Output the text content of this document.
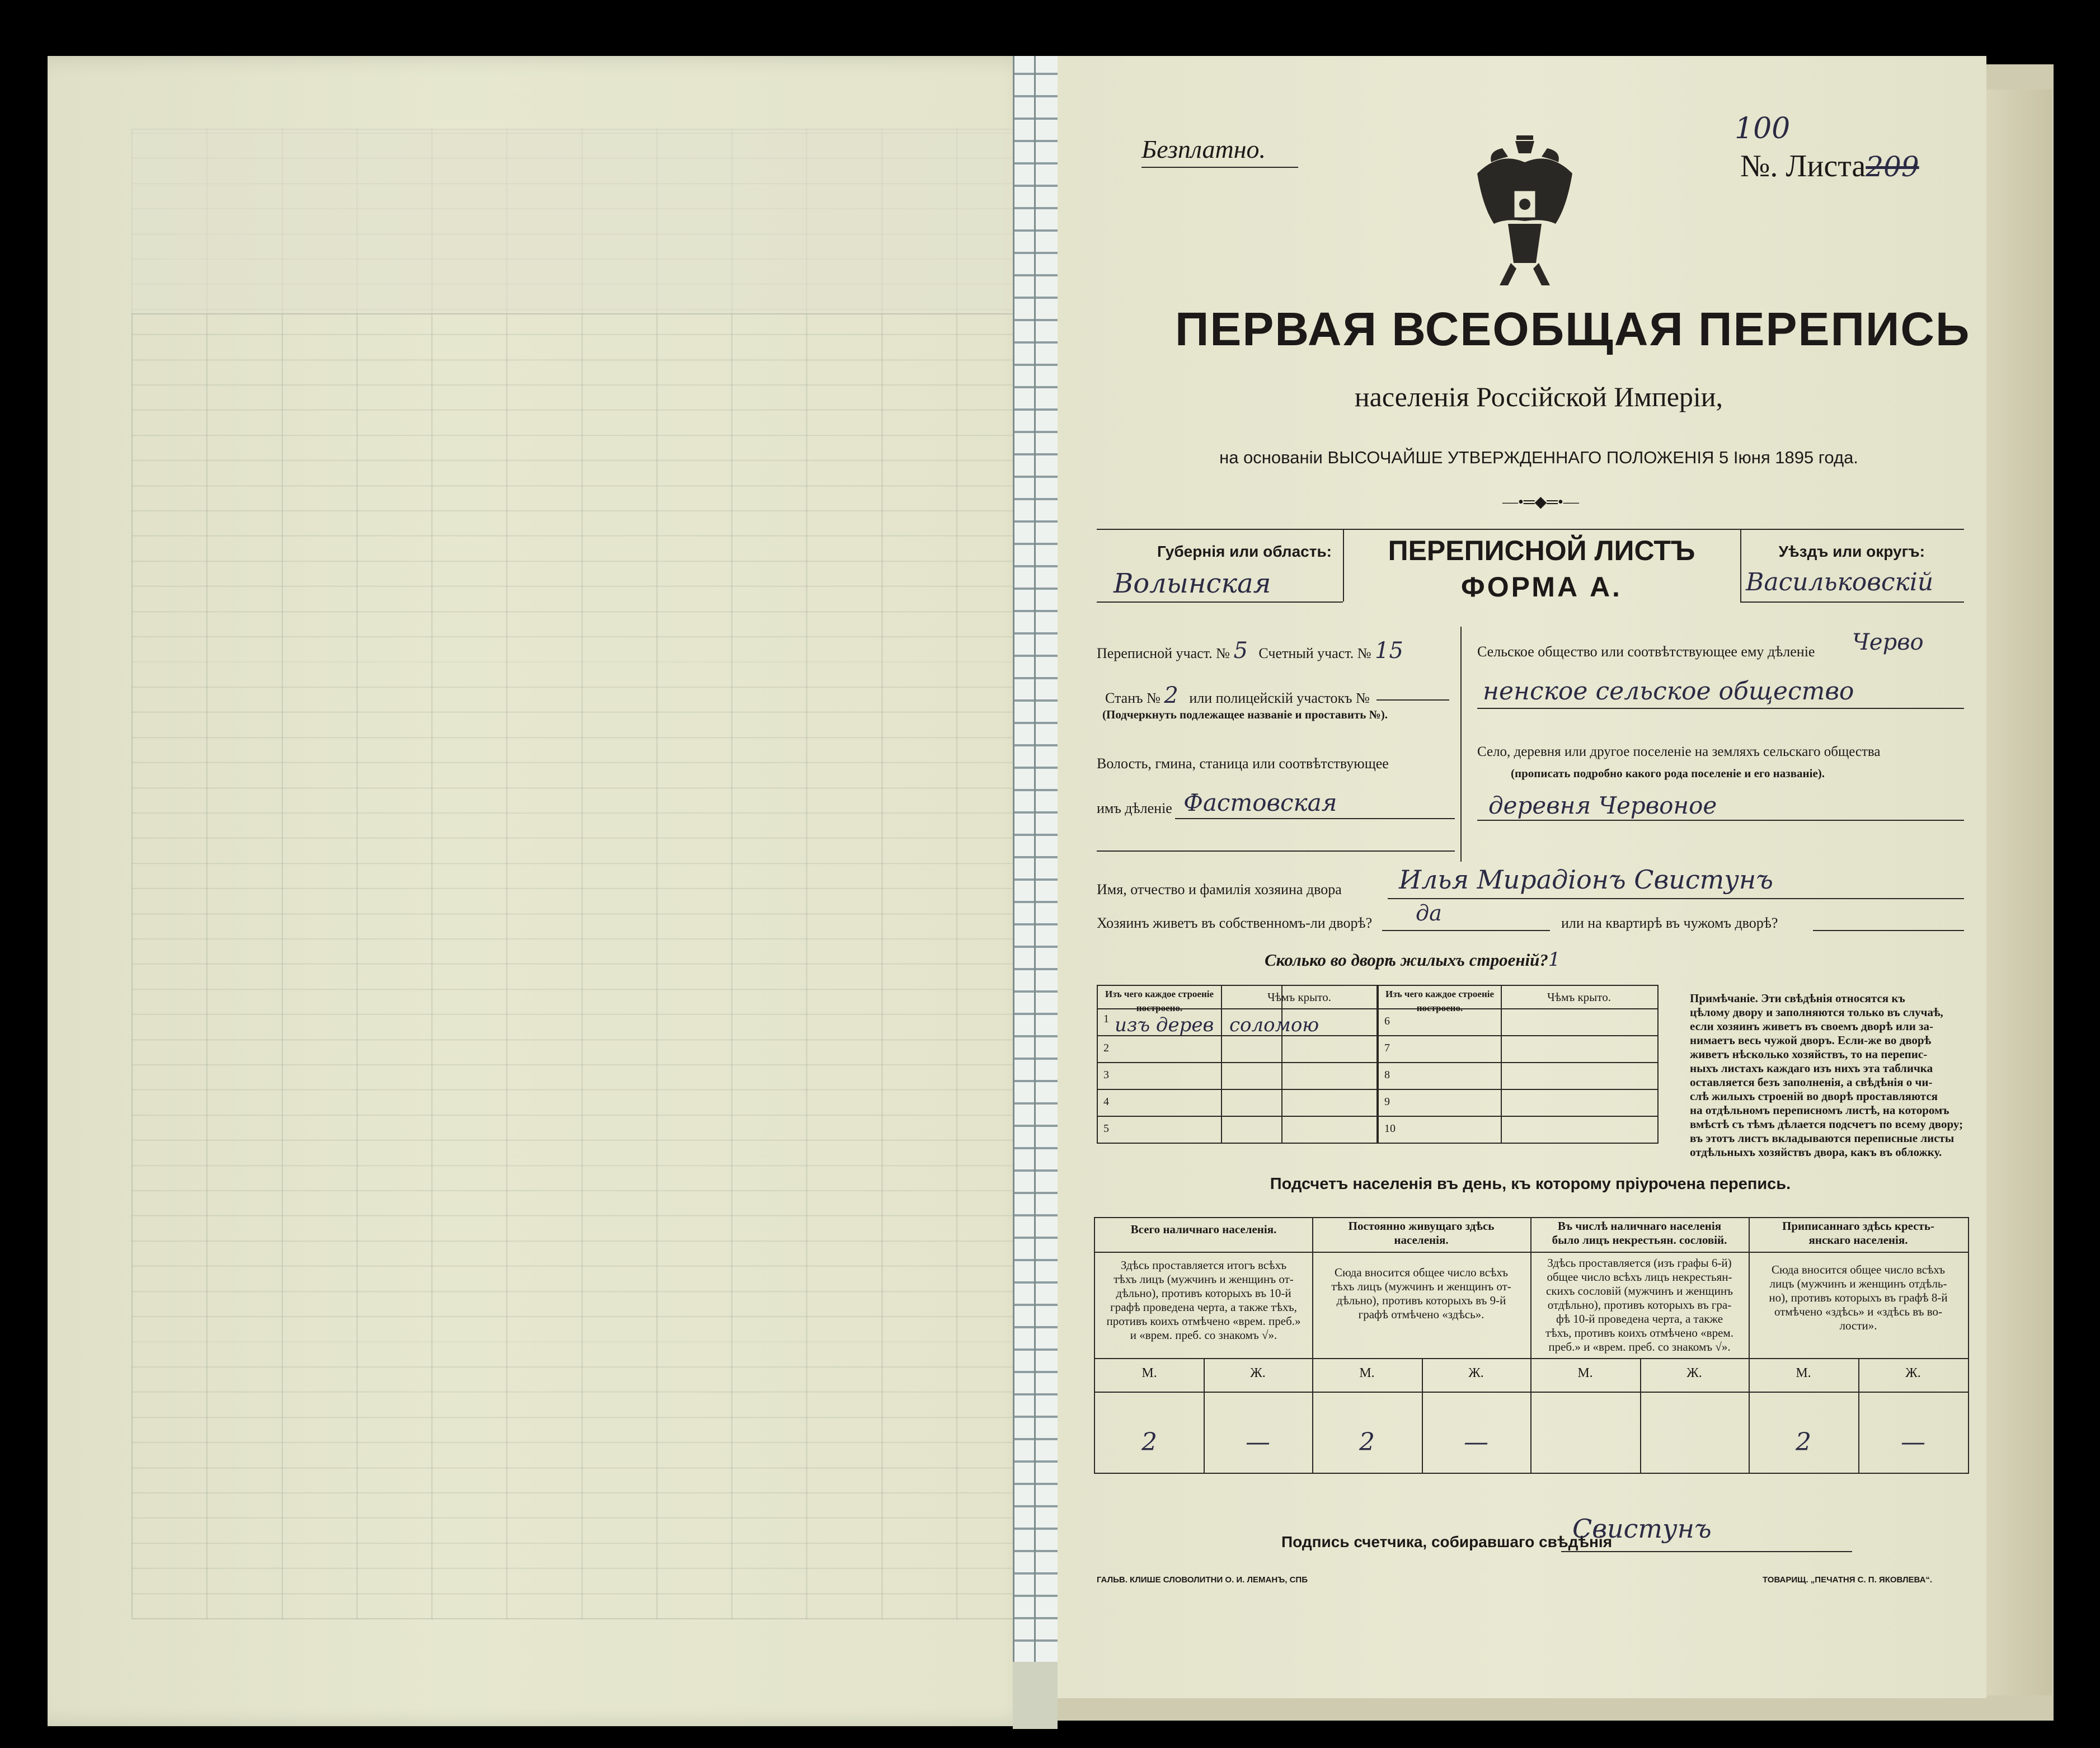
Безплатно.
100
№. Листа209
ПЕРВАЯ ВСЕОБЩАЯ ПЕРЕПИСЬ
населенія Россійской Имперіи,
на основаніи ВЫСОЧАЙШЕ УТВЕРЖДЕННАГО ПОЛОЖЕНІЯ 5 Іюня 1895 года.
—•═◆═•—
Губернія или область:
Волынская
ПЕРЕПИСНОЙ ЛИСТЪ
ФОРМА А.
Уѣздъ или округъ:
Васильковскій
Переписной участ. № 5 Счетный участ. № 15
Станъ № 2 или полицейскій участокъ №
(Подчеркнуть подлежащее названіе и проставить №).
Волость, гмина, станица или соотвѣтствующее
имъ дѣленіе Фастовская
Сельское общество или соотвѣтствующее ему дѣленіе Черво
ненское сельское общество
Село, деревня или другое поселеніе на земляхъ сельскаго общества
(прописать подробно какого рода поселеніе и его названіе).
деревня Червоное
Имя, отчество и фамилія хозяина двора Илья Мирадіонъ Свистунъ
Хозяинъ живетъ въ собственномъ-ли дворѣ? да	или на квартирѣ въ чужомъ дворѣ?
Сколько во дворѣ жилыхъ строеній?1
Изъ чего каждое строеніе построено.
Чѣмъ крыто.	Изъ чего каждое строеніе построено.
Чѣмъ крыто.
1 изъ дерев соломою
2
3
4
5
6
7
8
9
10
Примѣчаніе. Эти свѣдѣнія относятся къ
цѣлому двору и заполняются только въ случаѣ,
если хозяинъ живетъ въ своемъ дворѣ или за-
нимаетъ весь чужой дворъ. Если-же во дворѣ
живетъ нѣсколько хозяйствъ, то на перепис-
ныхъ листахъ каждаго изъ нихъ эта табличка
оставляется безъ заполненія, а свѣдѣнія о чи-
слѣ жилыхъ строеній во дворѣ проставляются
на отдѣльномъ переписномъ листѣ, на которомъ
вмѣстѣ съ тѣмъ дѣлается подсчетъ по всему двору;
въ этотъ листъ вкладываются переписные листы
отдѣльныхъ хозяйствъ двора, какъ въ обложку.
Подсчетъ населенія въ день, къ которому пріурочена перепись.
Всего наличнаго населенія.
Здѣсь проставляется итогъ всѣхъ
тѣхъ лицъ (мужчинъ и женщинъ от-
дѣльно), противъ которыхъ въ 10-й
графѣ проведена черта, а также тѣхъ,
противъ коихъ отмѣчено «врем. преб.»
и «врем. преб. со знакомъ √».
М.	Ж.
2	—
Постоянно живущаго здѣсь
населенія.
Сюда вносится общее число всѣхъ
тѣхъ лицъ (мужчинъ и женщинъ от-
дѣльно), противъ которыхъ въ 9-й
графѣ отмѣчено «здѣсь».
М.	Ж.
2	—
Въ числѣ наличнаго населенія
было лицъ некрестьян. сословій.
Здѣсь проставляется (изъ графы 6-й)
общее число всѣхъ лицъ некрестьян-
скихъ сословій (мужчинъ и женщинъ
отдѣльно), противъ которыхъ въ гра-
фѣ 10-й проведена черта, а также
тѣхъ, противъ коихъ отмѣчено «врем.
преб.» и «врем. преб. со знакомъ √».
М.	Ж.
Приписаннаго здѣсь кресть-
янскаго населенія.
Сюда вносится общее число всѣхъ
лицъ (мужчинъ и женщинъ отдѣль-
но), противъ которыхъ въ графѣ 8-й
отмѣчено «здѣсь» и «здѣсь въ во-
лости».
М.	Ж.
2	—
Подпись счетчика, собиравшаго свѣдѣнія
Свистунъ
ГАЛЬВ. КЛИШЕ СЛОВОЛИТНИ О. И. ЛЕМАНЪ, СПБ	ТОВАРИЩ. „ПЕЧАТНЯ С. П. ЯКОВЛЕВА“.
